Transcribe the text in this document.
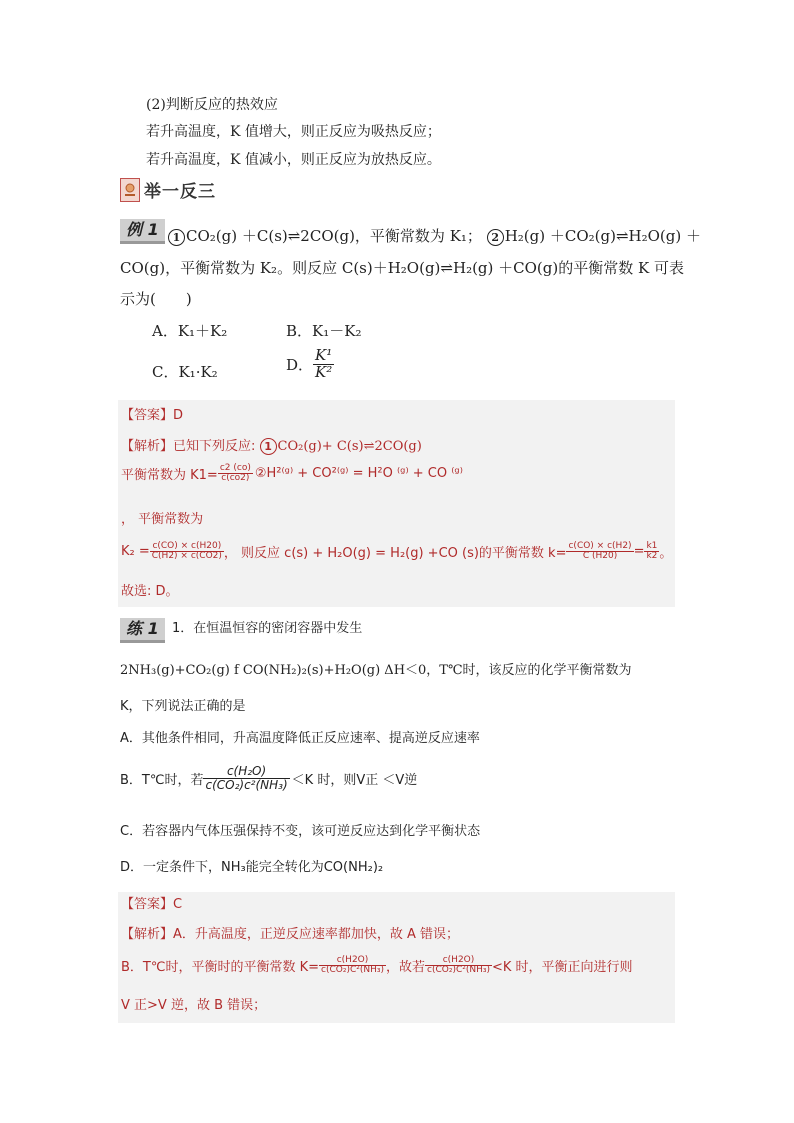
(2)判断反应的热效应
若升高温度，K 值增大，则正反应为吸热反应；
若升高温度，K 值减小，则正反应为放热反应。
举一反三
例 1	1 CO₂(g) ＋C(s)⇌2CO(g)，平衡常数为 K₁； 2 H₂(g) ＋CO₂(g)⇌H₂O(g) ＋
CO(g)，平衡常数为 K₂。则反应 C(s)＋H₂O(g)⇌H₂(g) ＋CO(g)的平衡常数 K 可表
示为(　　)
A．K₁＋K₂	B．K₁－K₂
C．K₁·K₂	D． $\frac{\text{K¹}}{\text{K²}}$
【答案】D
【解析】已知下列反应: 1 CO₂(g)+ C(s)⇌2CO(g)
平衡常数为 $K1= \frac{c2 (co)}{c(co2)}$ ②H²⁽ᵍ⁾ + CO²⁽ᵍ⁾ = H²O ⁽ᵍ⁾ + CO ⁽ᵍ⁾
， 平衡常数为
$K_2 = \frac{c(CO) \times c(H20)}{C(H2) \times c(CO2)}$ ， 则反应 c(s) + H₂O(g) = H₂(g) +CO (s)的平衡常数 $k= \frac{c(CO) \times c(H2)}{C (H20)} = \frac{k1}{k2}$ 。
故选: D。
练 1	1．在恒温恒容的密闭容器中发生
2NH₃(g)+CO₂(g) f CO(NH₂)₂(s)+H₂O(g) ΔH＜0，T℃时，该反应的化学平衡常数为
K，下列说法正确的是
A．其他条件相同，升高温度降低正反应速率、提高逆反应速率
B．T℃时，若 $\frac{\text{c(H₂O)}}{\text{c(CO₂)c²(NH₃)}} <K$ 时，则V正 ＜V逆
C．若容器内气体压强保持不变，该可逆反应达到化学平衡状态
D．一定条件下，NH₃能完全转化为CO(NH₂)₂
【答案】C
【解析】A．升高温度，正逆反应速率都加快，故 A 错误；
B．T℃时，平衡时的平衡常数 $K= \frac{c(H2O)}{\text{c(CO₂)C²(NH₃)}}$ ，故若 $\frac{c(H2O)}{\text{c(CO₂)C²(NH₃)}} <K$ 时，平衡正向进行则
V 正>V 逆，故 B 错误；
